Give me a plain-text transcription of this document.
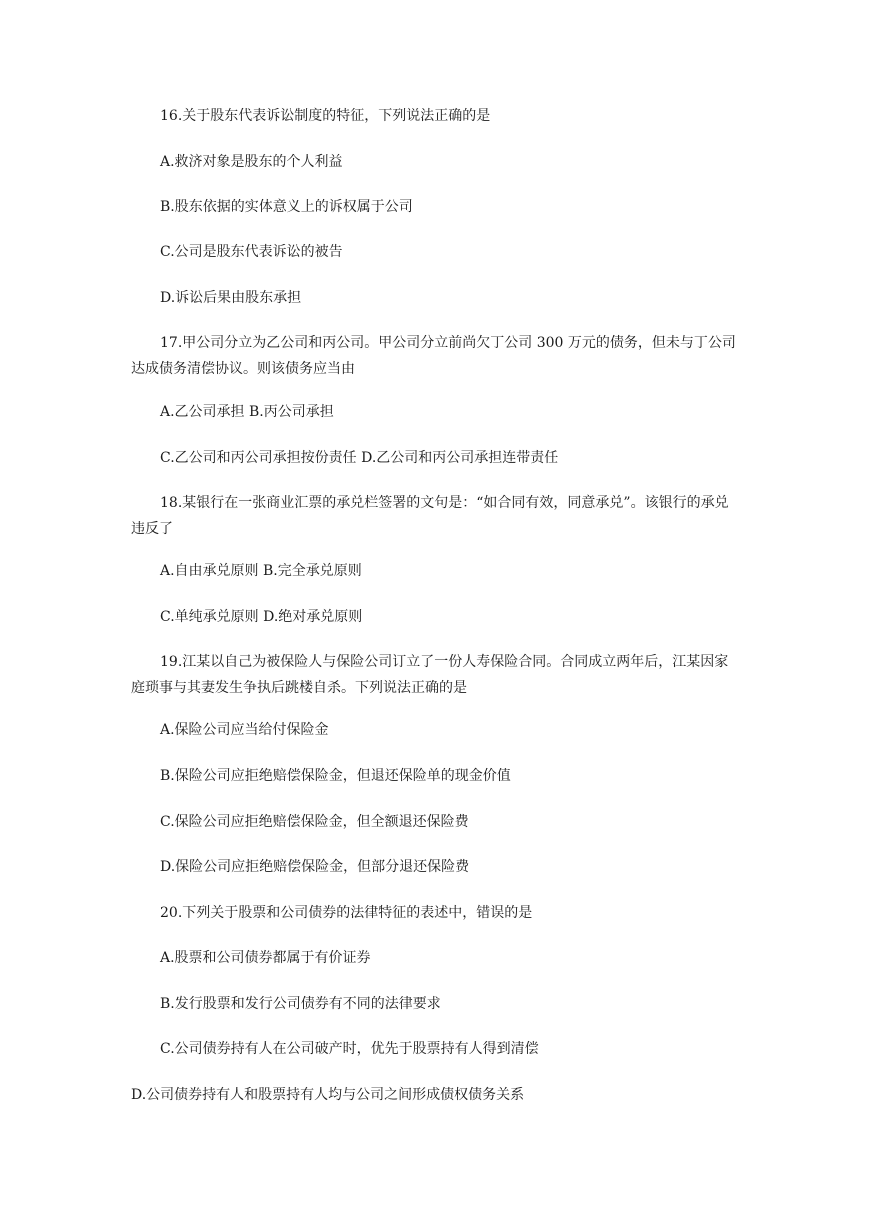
16.关于股东代表诉讼制度的特征，下列说法正确的是
A.救济对象是股东的个人利益
B.股东依据的实体意义上的诉权属于公司
C.公司是股东代表诉讼的被告
D.诉讼后果由股东承担
17.甲公司分立为乙公司和丙公司。甲公司分立前尚欠丁公司 300 万元的债务，但未与丁公司达成债务清偿协议。则该债务应当由
A.乙公司承担 B.丙公司承担
C.乙公司和丙公司承担按份责任 D.乙公司和丙公司承担连带责任
18.某银行在一张商业汇票的承兑栏签署的文句是：“如合同有效，同意承兑”。该银行的承兑违反了
A.自由承兑原则 B.完全承兑原则
C.单纯承兑原则 D.绝对承兑原则
19.江某以自己为被保险人与保险公司订立了一份人寿保险合同。合同成立两年后，江某因家庭琐事与其妻发生争执后跳楼自杀。下列说法正确的是
A.保险公司应当给付保险金
B.保险公司应拒绝赔偿保险金，但退还保险单的现金价值
C.保险公司应拒绝赔偿保险金，但全额退还保险费
D.保险公司应拒绝赔偿保险金，但部分退还保险费
20.下列关于股票和公司债券的法律特征的表述中，错误的是
A.股票和公司债券都属于有价证券
B.发行股票和发行公司债券有不同的法律要求
C.公司债券持有人在公司破产时，优先于股票持有人得到清偿
D.公司债券持有人和股票持有人均与公司之间形成债权债务关系
